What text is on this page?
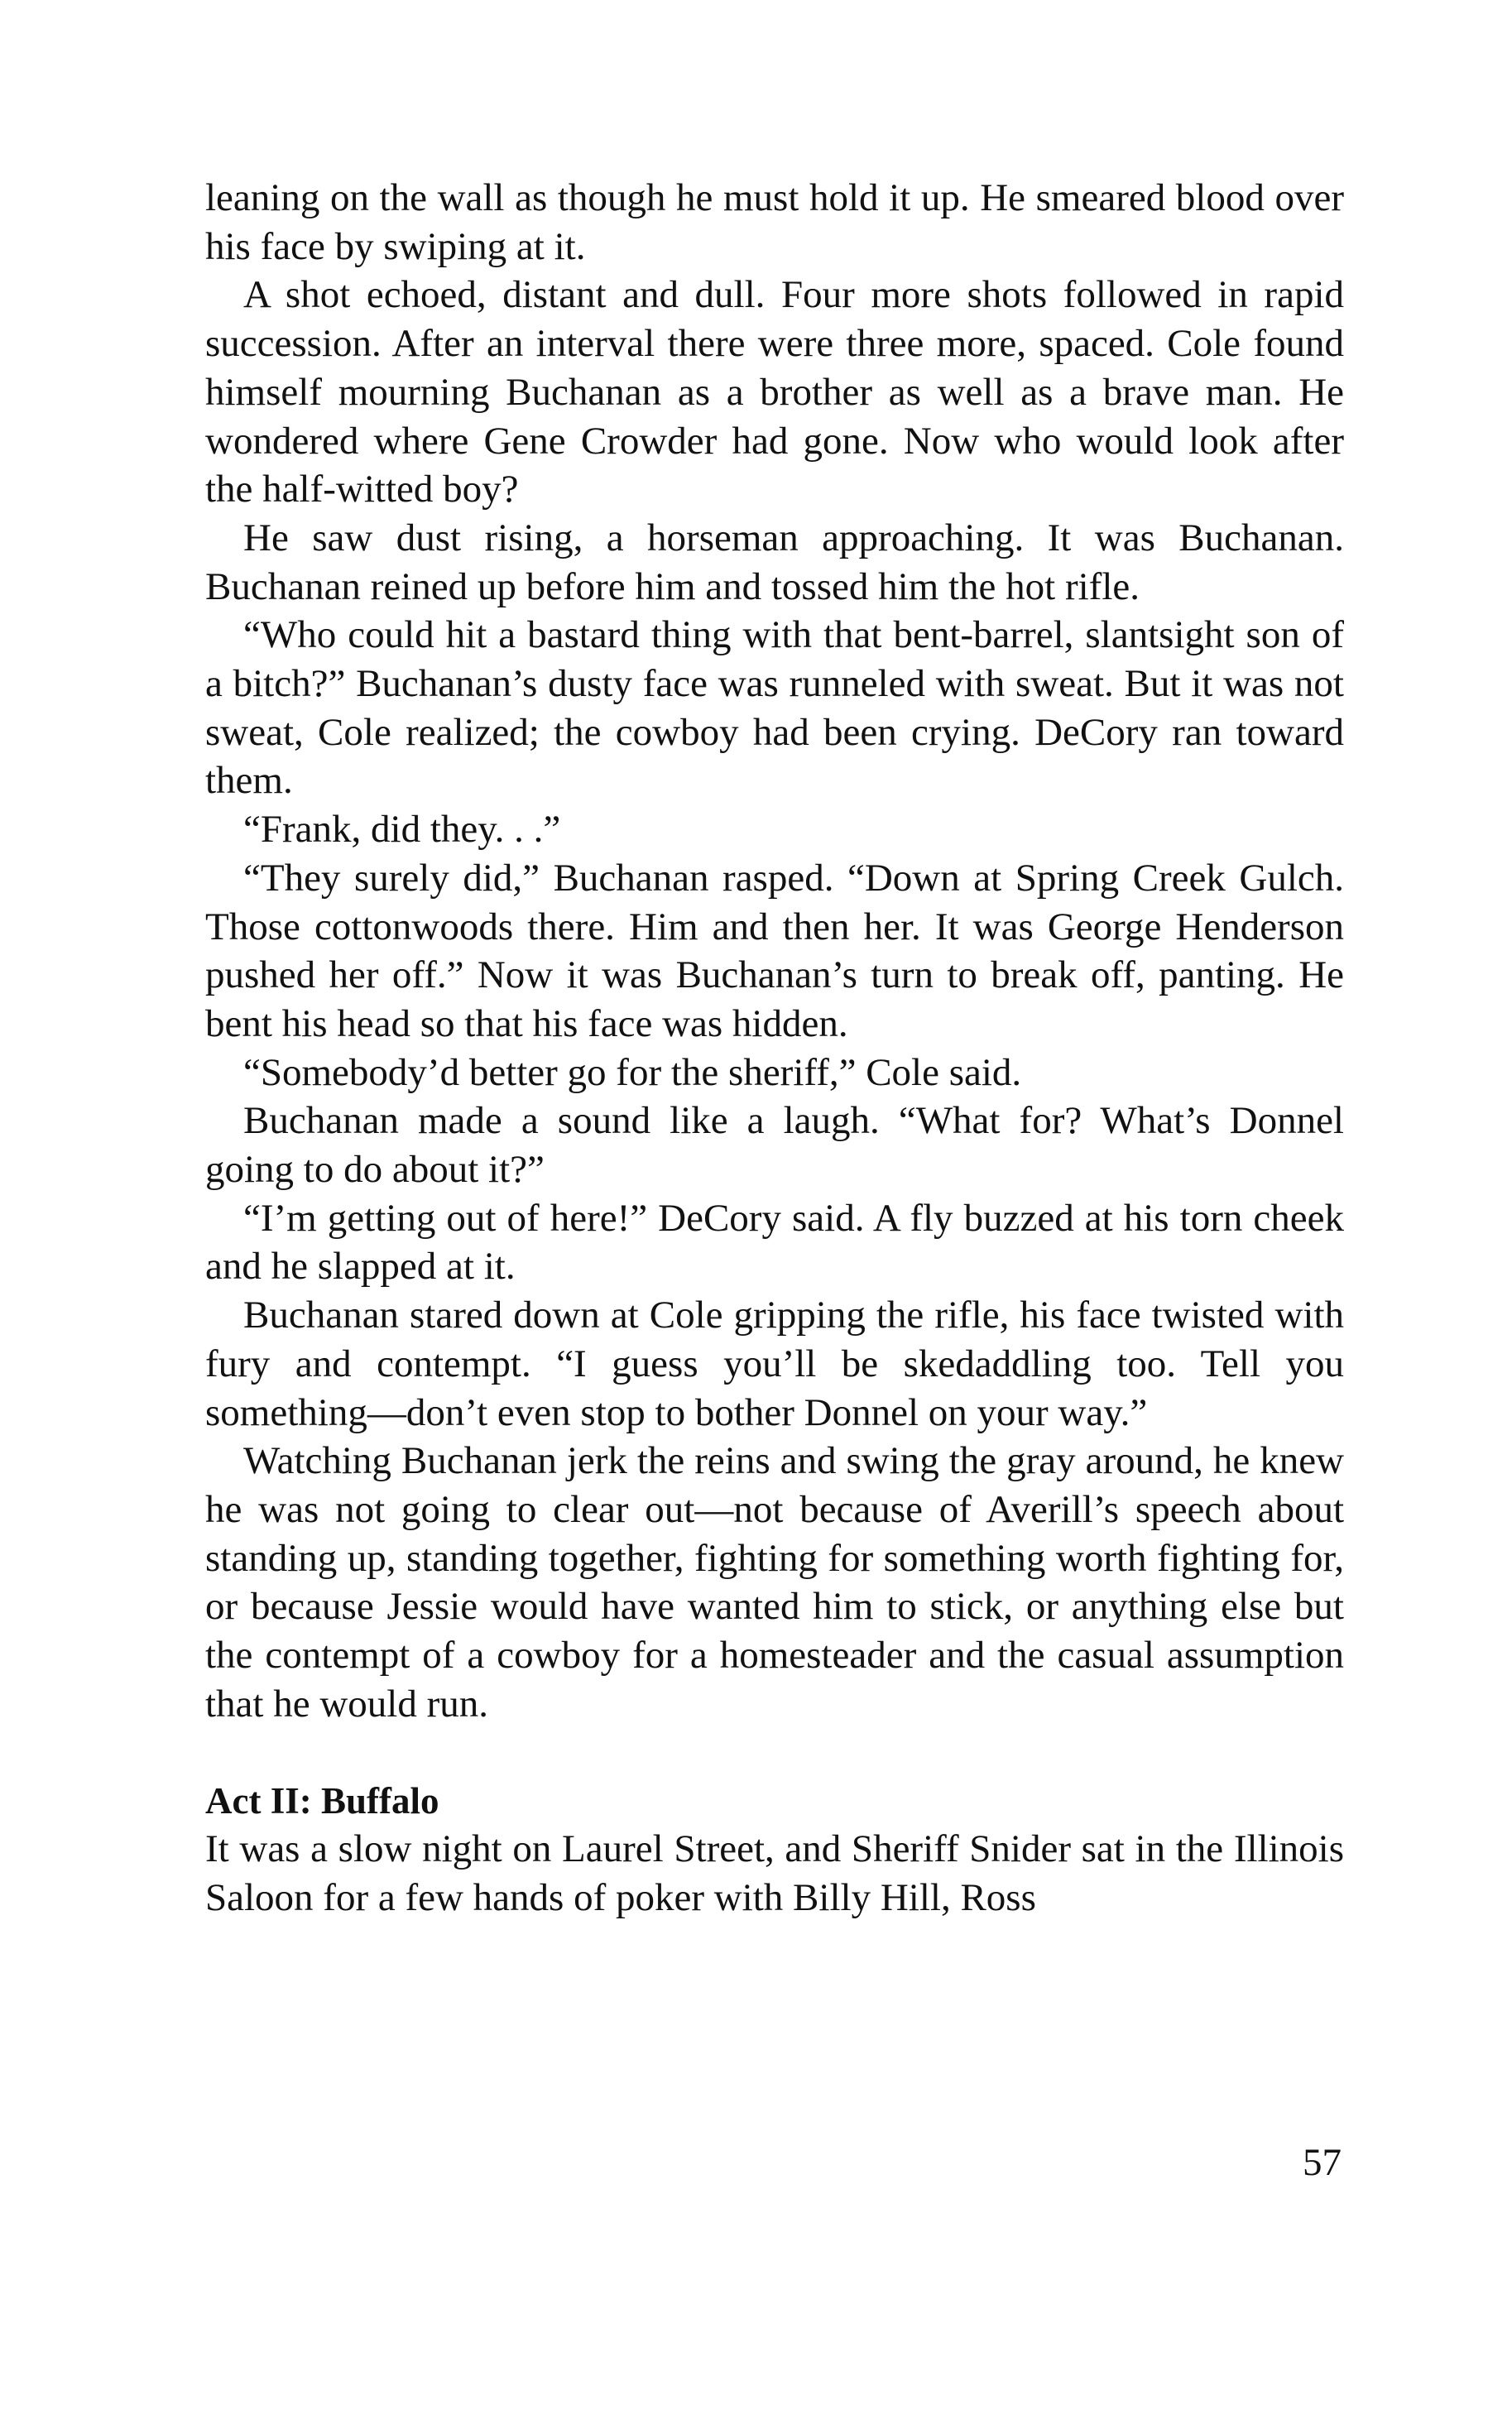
leaning on the wall as though he must hold it up. He smeared blood over his face by swiping at it.

A shot echoed, distant and dull. Four more shots followed in rapid succession. After an interval there were three more, spaced. Cole found himself mourning Buchanan as a brother as well as a brave man. He wondered where Gene Crowder had gone. Now who would look after the half-witted boy?

He saw dust rising, a horseman approaching. It was Buchanan. Buchanan reined up before him and tossed him the hot rifle.

“Who could hit a bastard thing with that bent-barrel, slantsight son of a bitch?” Buchanan’s dusty face was runneled with sweat. But it was not sweat, Cole realized; the cowboy had been crying. DeCory ran toward them.

“Frank, did they. . .”

“They surely did,” Buchanan rasped. “Down at Spring Creek Gulch. Those cottonwoods there. Him and then her. It was George Henderson pushed her off.” Now it was Buchanan’s turn to break off, panting. He bent his head so that his face was hidden.

“Somebody’d better go for the sheriff,” Cole said.

Buchanan made a sound like a laugh. “What for? What’s Donnel going to do about it?”

“I’m getting out of here!” DeCory said. A fly buzzed at his torn cheek and he slapped at it.

Buchanan stared down at Cole gripping the rifle, his face twisted with fury and contempt. “I guess you’ll be skedaddling too. Tell you something—don’t even stop to bother Donnel on your way.”

Watching Buchanan jerk the reins and swing the gray around, he knew he was not going to clear out—not because of Averill’s speech about standing up, standing together, fighting for something worth fighting for, or because Jessie would have wanted him to stick, or anything else but the contempt of a cowboy for a homesteader and the casual assumption that he would run.

Act II: Buffalo

It was a slow night on Laurel Street, and Sheriff Snider sat in the Illinois Saloon for a few hands of poker with Billy Hill, Ross

57
